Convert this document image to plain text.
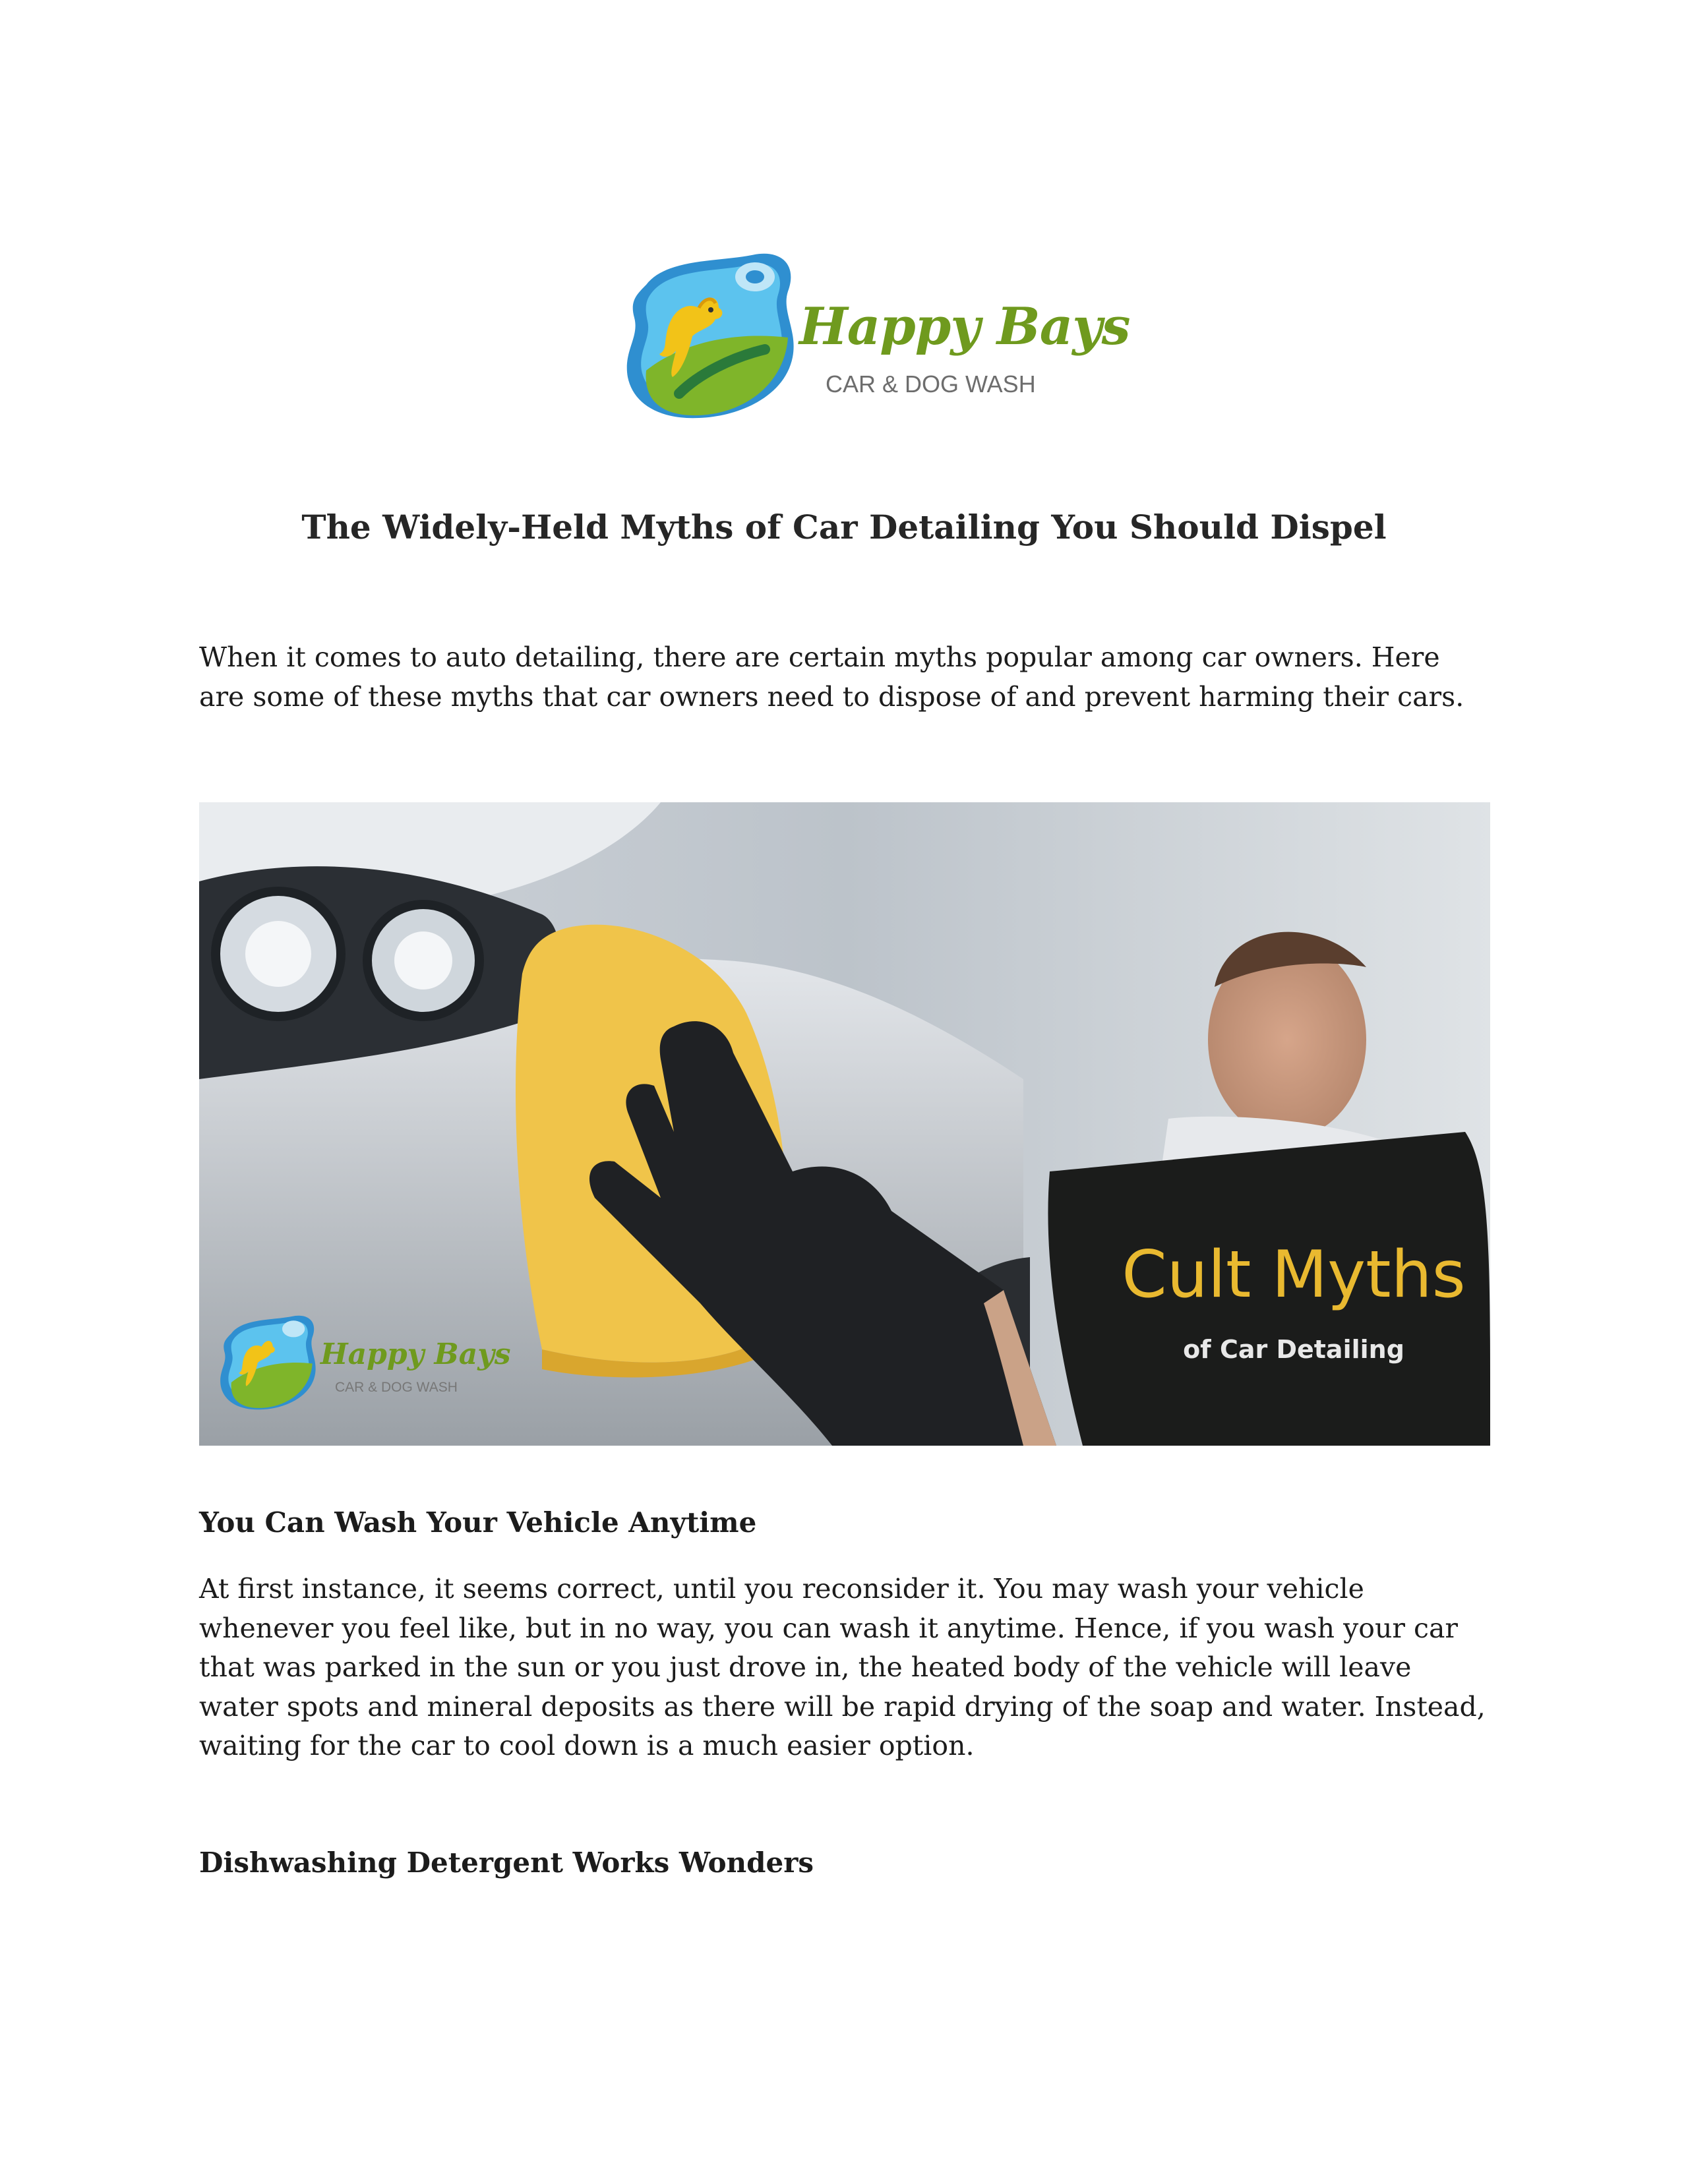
Happy Bays
CAR & DOG WASH
The Widely-Held Myths of Car Detailing You Should Dispel

When it comes to auto detailing, there are certain myths popular among car owners. Here are some of these myths that car owners need to dispose of and prevent harming their cars.

Cult Myths
of Car Detailing
Happy Bays
CAR & DOG WASH
You Can Wash Your Vehicle Anytime

At first instance, it seems correct, until you reconsider it. You may wash your vehicle whenever you feel like, but in no way, you can wash it anytime. Hence, if you wash your car that was parked in the sun or you just drove in, the heated body of the vehicle will leave water spots and mineral deposits as there will be rapid drying of the soap and water. Instead, waiting for the car to cool down is a much easier option.

Dishwashing Detergent Works Wonders
